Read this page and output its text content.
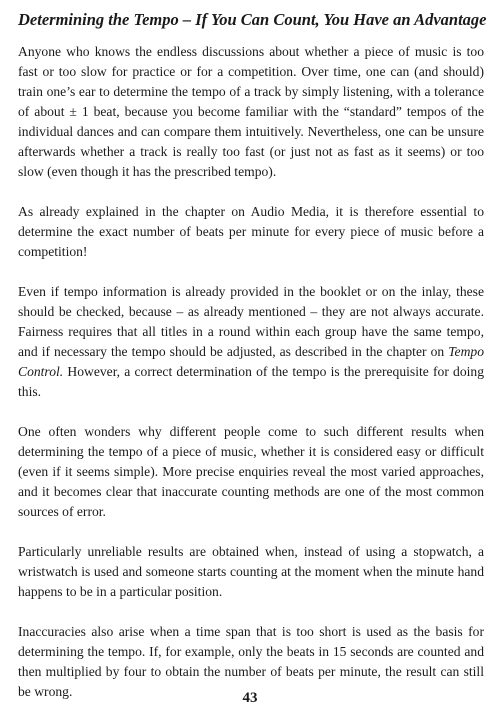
Determining the Tempo – If You Can Count, You Have an Advantage

Anyone who knows the endless discussions about whether a piece of music is too fast or too slow for practice or for a competition. Over time, one can (and should) train one’s ear to determine the tempo of a track by simply listening, with a tolerance of about ± 1 beat, because you become familiar with the “standard” tempos of the individual dances and can compare them intuitively. Nevertheless, one can be unsure afterwards whether a track is really too fast (or just not as fast as it seems) or too slow (even though it has the prescribed tempo).

As already explained in the chapter on Audio Media, it is therefore essential to determine the exact number of beats per minute for every piece of music before a competition!

Even if tempo information is already provided in the booklet or on the inlay, these should be checked, because – as already mentioned – they are not always accurate. Fairness requires that all titles in a round within each group have the same tempo, and if necessary the tempo should be adjusted, as described in the chapter on Tempo Control. However, a correct determination of the tempo is the prerequisite for doing this.

One often wonders why different people come to such different results when determining the tempo of a piece of music, whether it is considered easy or difficult (even if it seems simple). More precise enquiries reveal the most varied approaches, and it becomes clear that inaccurate counting methods are one of the most common sources of error.

Particularly unreliable results are obtained when, instead of using a stopwatch, a wristwatch is used and someone starts counting at the moment when the minute hand happens to be in a particular position.

Inaccuracies also arise when a time span that is too short is used as the basis for determining the tempo. If, for example, only the beats in 15 seconds are counted and then multiplied by four to obtain the number of beats per minute, the result can still be wrong.	43
